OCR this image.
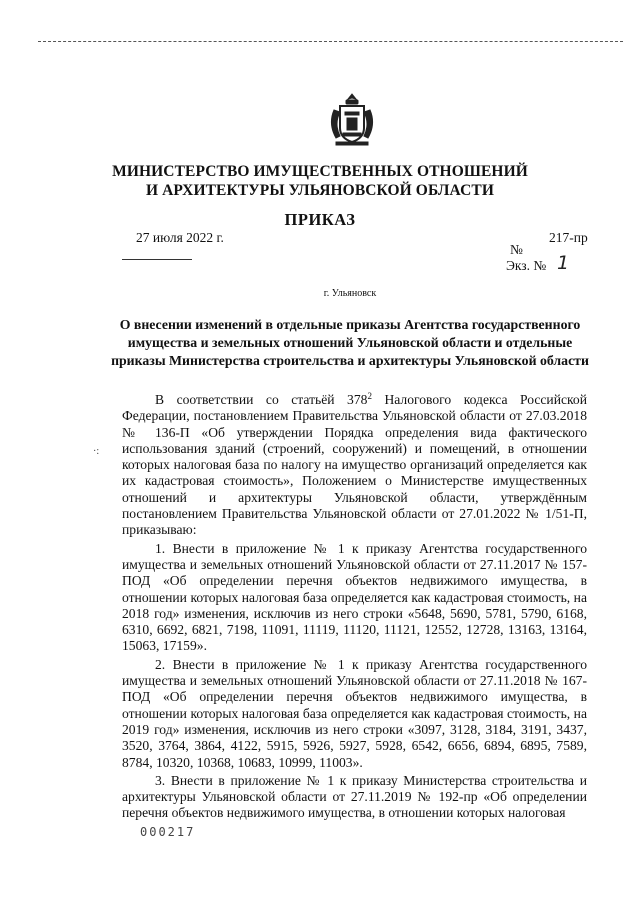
МИНИСТЕРСТВО ИМУЩЕСТВЕННЫХ ОТНОШЕНИЙ
И АРХИТЕКТУРЫ УЛЬЯНОВСКОЙ ОБЛАСТИ
ПРИКАЗ
27 июля 2022 г.	217-пр
№
Экз. № 1
г. Ульяновск
О внесении изменений в отдельные приказы Агентства государственного имущества и земельных отношений Ульяновской области и отдельные приказы Министерства строительства и архитектуры Ульяновской области
·:

В соответствии со статьёй $378^2$ Налогового кодекса Российской Федерации, постановлением Правительства Ульяновской области от 27.03.2018 № 136-П «Об утверждении Порядка определения вида фактического использования зданий (строений, сооружений) и помещений, в отношении которых налоговая база по налогу на имущество организаций определяется как их кадастровая стоимость», Положением о Министерстве имущественных отношений и архитектуры Ульяновской области, утверждённым постановлением Правительства Ульяновской области от 27.01.2022 № 1/51-П, приказываю:

1. Внести в приложение № 1 к приказу Агентства государственного имущества и земельных отношений Ульяновской области от 27.11.2017 № 157-ПОД «Об определении перечня объектов недвижимого имущества, в отношении которых налоговая база определяется как кадастровая стоимость, на 2018 год» изменения, исключив из него строки «5648, 5690, 5781, 5790, 6168, 6310, 6692, 6821, 7198, 11091, 11119, 11120, 11121, 12552, 12728, 13163, 13164, 15063, 17159».

2. Внести в приложение № 1 к приказу Агентства государственного имущества и земельных отношений Ульяновской области от 27.11.2018 № 167-ПОД «Об определении перечня объектов недвижимого имущества, в отношении которых налоговая база определяется как кадастровая стоимость, на 2019 год» изменения, исключив из него строки «3097, 3128, 3184, 3191, 3437, 3520, 3764, 3864, 4122, 5915, 5926, 5927, 5928, 6542, 6656, 6894, 6895, 7589, 8784, 10320, 10368, 10683, 10999, 11003».

3. Внести в приложение № 1 к приказу Министерства строительства и архитектуры Ульяновской области от 27.11.2019 № 192-пр «Об определении перечня объектов недвижимого имущества, в отношении которых налоговая

000217
